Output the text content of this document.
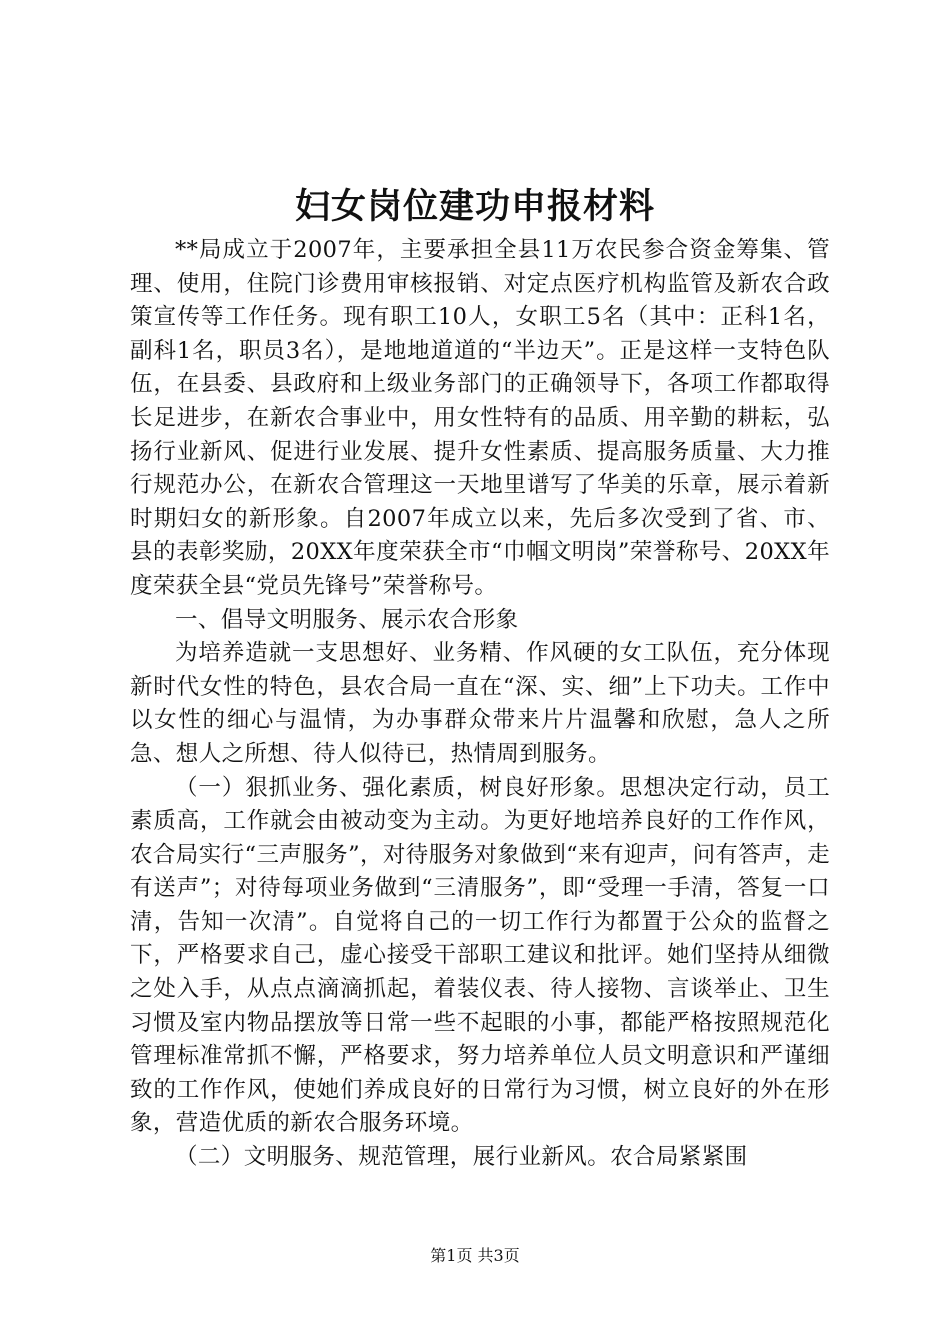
妇女岗位建功申报材料

**局成立于2007年，主要承担全县11万农民参合资金筹集、管理、使用，住院门诊费用审核报销、对定点医疗机构监管及新农合政策宣传等工作任务。现有职工10人，女职工5名（其中：正科1名，副科1名，职员3名），是地地道道的“半边天”。正是这样一支特色队伍，在县委、县政府和上级业务部门的正确领导下，各项工作都取得长足进步，在新农合事业中，用女性特有的品质、用辛勤的耕耘，弘扬行业新风、促进行业发展、提升女性素质、提高服务质量、大力推行规范办公，在新农合管理这一天地里谱写了华美的乐章，展示着新时期妇女的新形象。自2007年成立以来，先后多次受到了省、市、县的表彰奖励，20XX年度荣获全市“巾帼文明岗”荣誉称号、20XX年度荣获全县“党员先锋号”荣誉称号。

一、倡导文明服务、展示农合形象

为培养造就一支思想好、业务精、作风硬的女工队伍，充分体现新时代女性的特色，县农合局一直在“深、实、细”上下功夫。工作中以女性的细心与温情，为办事群众带来片片温馨和欣慰，急人之所急、想人之所想、待人似待已，热情周到服务。

（一）狠抓业务、强化素质，树良好形象。思想决定行动，员工素质高，工作就会由被动变为主动。为更好地培养良好的工作作风，农合局实行“三声服务”，对待服务对象做到“来有迎声，问有答声，走有送声”；对待每项业务做到“三清服务”，即“受理一手清，答复一口清，告知一次清”。自觉将自己的一切工作行为都置于公众的监督之下，严格要求自己，虚心接受干部职工建议和批评。她们坚持从细微之处入手，从点点滴滴抓起，着装仪表、待人接物、言谈举止、卫生习惯及室内物品摆放等日常一些不起眼的小事，都能严格按照规范化管理标准常抓不懈，严格要求，努力培养单位人员文明意识和严谨细致的工作作风，使她们养成良好的日常行为习惯，树立良好的外在形象，营造优质的新农合服务环境。

（二）文明服务、规范管理，展行业新风。农合局紧紧围

第1页 共3页
